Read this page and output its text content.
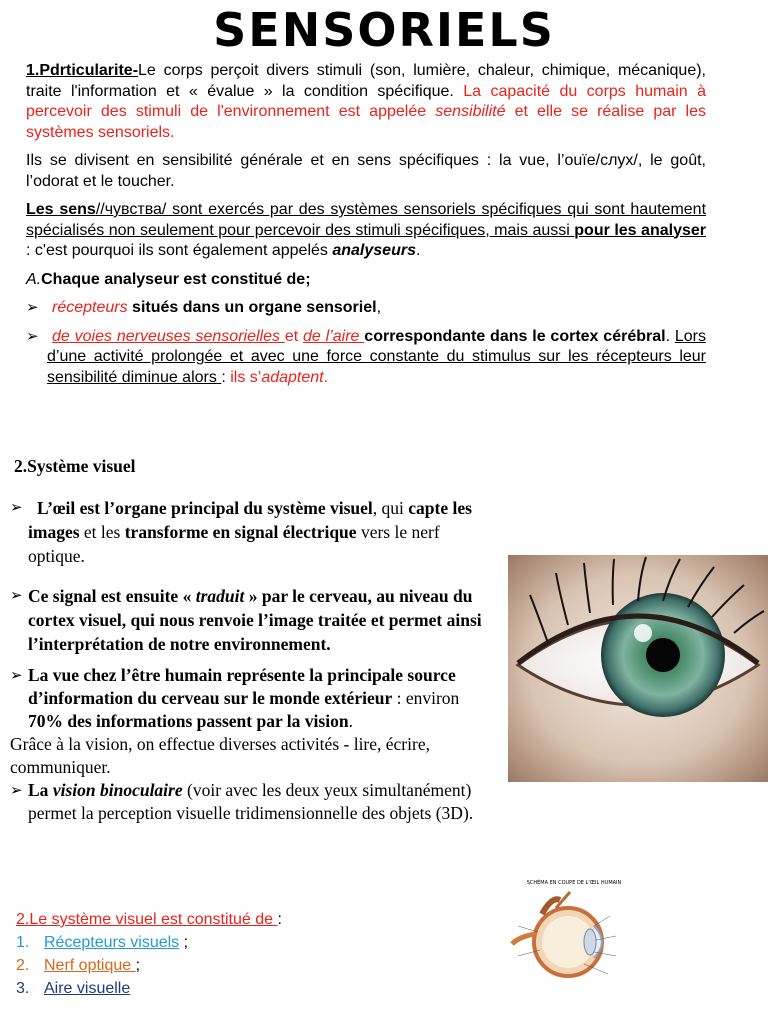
SENSORIELS

1.Pdrticularite-Le corps perçoit divers stimuli (son, lumière, chaleur, chimique, mécanique), traite l'information et « évalue » la condition spécifique. La capacité du corps humain à percevoir des stimuli de l'environnement est appelée sensibilité et elle se réalise par les systèmes sensoriels.

Ils se divisent en sensibilité générale et en sens spécifiques : la vue, l’ouïe/слух/, le goût, l’odorat et le toucher.

Les sens//чувства/ sont exercés par des systèmes sensoriels spécifiques qui sont hautement spécialisés non seulement pour percevoir des stimuli spécifiques, mais aussi pour les analyser : c'est pourquoi ils sont également appelés analyseurs.

A.Chaque analyseur est constitué de;

➢ récepteurs situés dans un organe sensoriel,

➢ de voies nerveuses sensorielles et de l’aire correspondante dans le cortex cérébral. Lors d’une activité prolongée et avec une force constante du stimulus sur les récepteurs leur sensibilité diminue alors : ils s’adaptent.

2.Système visuel
➢ L’œil est l’organe principal du système visuel, qui capte les images et les transforme en signal électrique vers le nerf optique.

➢ Ce signal est ensuite « traduit » par le cerveau, au niveau du cortex visuel, qui nous renvoie l’image traitée et permet ainsi l’interprétation de notre environnement.

➢ La vue chez l’être humain représente la principale source d’information du cerveau sur le monde extérieur : environ 70% des informations passent par la vision.

Grâce à la vision, on effectue diverses activités - lire, écrire, communiquer.

➢ La vision binoculaire (voir avec les deux yeux simultanément) permet la perception visuelle tridimensionnelle des objets (3D).

2.Le système visuel est constitué de :
1. Récepteurs visuels ;
2. Nerf optique ;
3. Aire visuelle
SCHÉMA EN COUPE DE L'ŒIL HUMAIN
